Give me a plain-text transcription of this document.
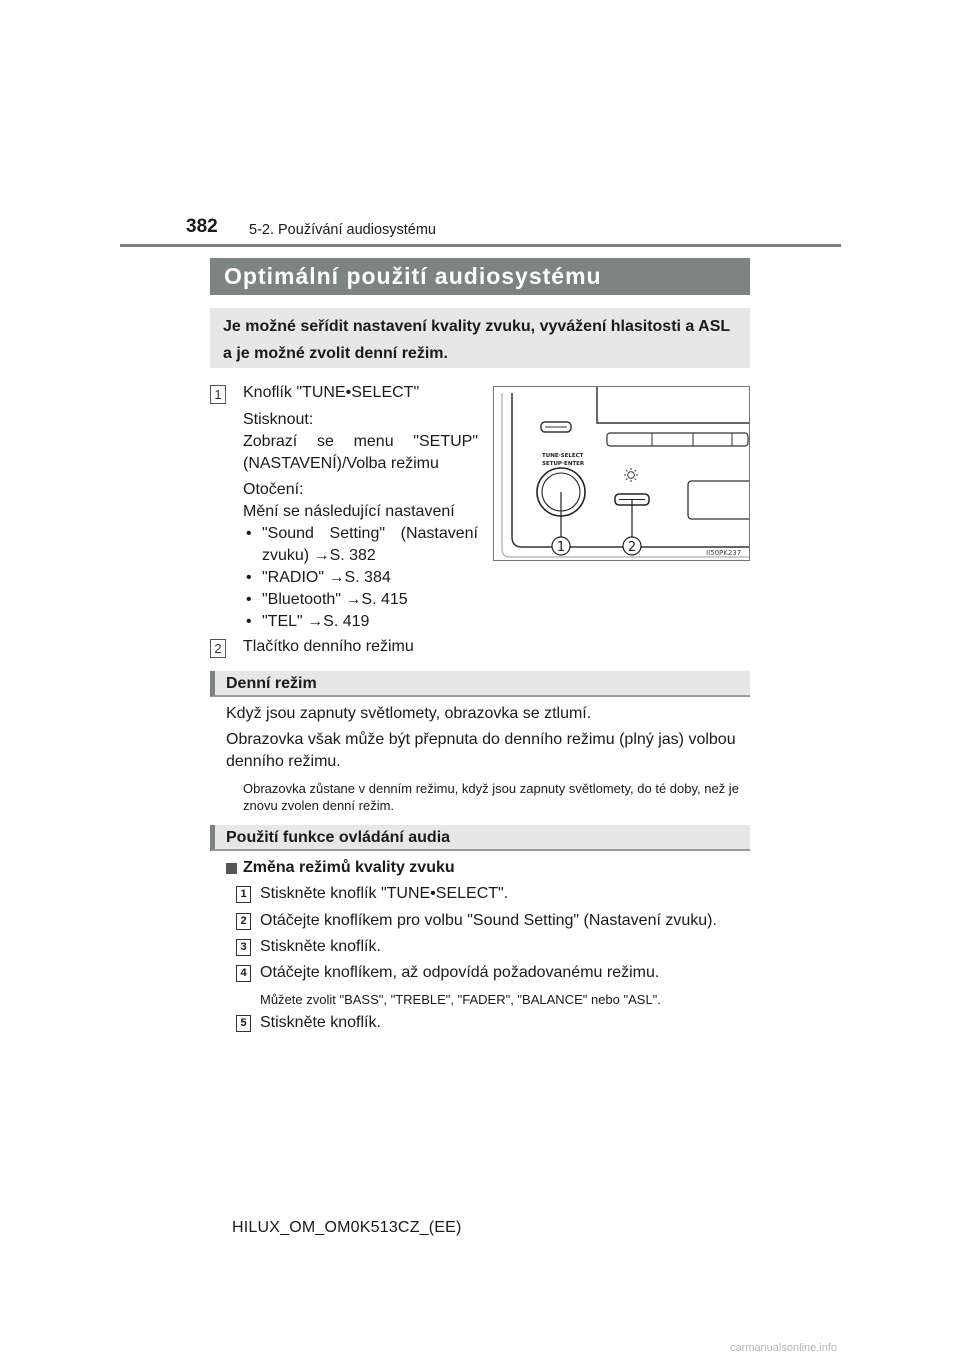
382 5-2. Používání audiosystému
Optimální použití audiosystému
Je možné seřídit nastavení kvality zvuku, vyvážení hlasitosti a ASL a je možné zvolit denní režim.
1 Knoflík "TUNE•SELECT"
Stisknout:
Zobrazí se menu "SETUP"
(NASTAVENÍ)/Volba režimu
Otočení:
Mění se následující nastavení
• "Sound Setting" (Nastavení
zvuku) →S. 382
• "RADIO" →S. 384
• "Bluetooth" →S. 415
• "TEL" →S. 419
2 Tlačítko denního režimu
TUNE·SELECT
SETUP·ENTER
1	2	II50PK237
Denní režim
Když jsou zapnuty světlomety, obrazovka se ztlumí.
Obrazovka však může být přepnuta do denního režimu (plný jas) volbou denního režimu.
Obrazovka zůstane v denním režimu, když jsou zapnuty světlomety, do té doby, než je znovu zvolen denní režim.
Použití funkce ovládání audia
Změna režimů kvality zvuku
1 Stiskněte knoflík "TUNE•SELECT".
2 Otáčejte knoflíkem pro volbu "Sound Setting" (Nastavení zvuku).
3 Stiskněte knoflík.
4 Otáčejte knoflíkem, až odpovídá požadovanému režimu.
Můžete zvolit "BASS", "TREBLE", "FADER", "BALANCE" nebo "ASL".
5 Stiskněte knoflík.
HILUX_OM_OM0K513CZ_(EE)
carmanualsonline.info
